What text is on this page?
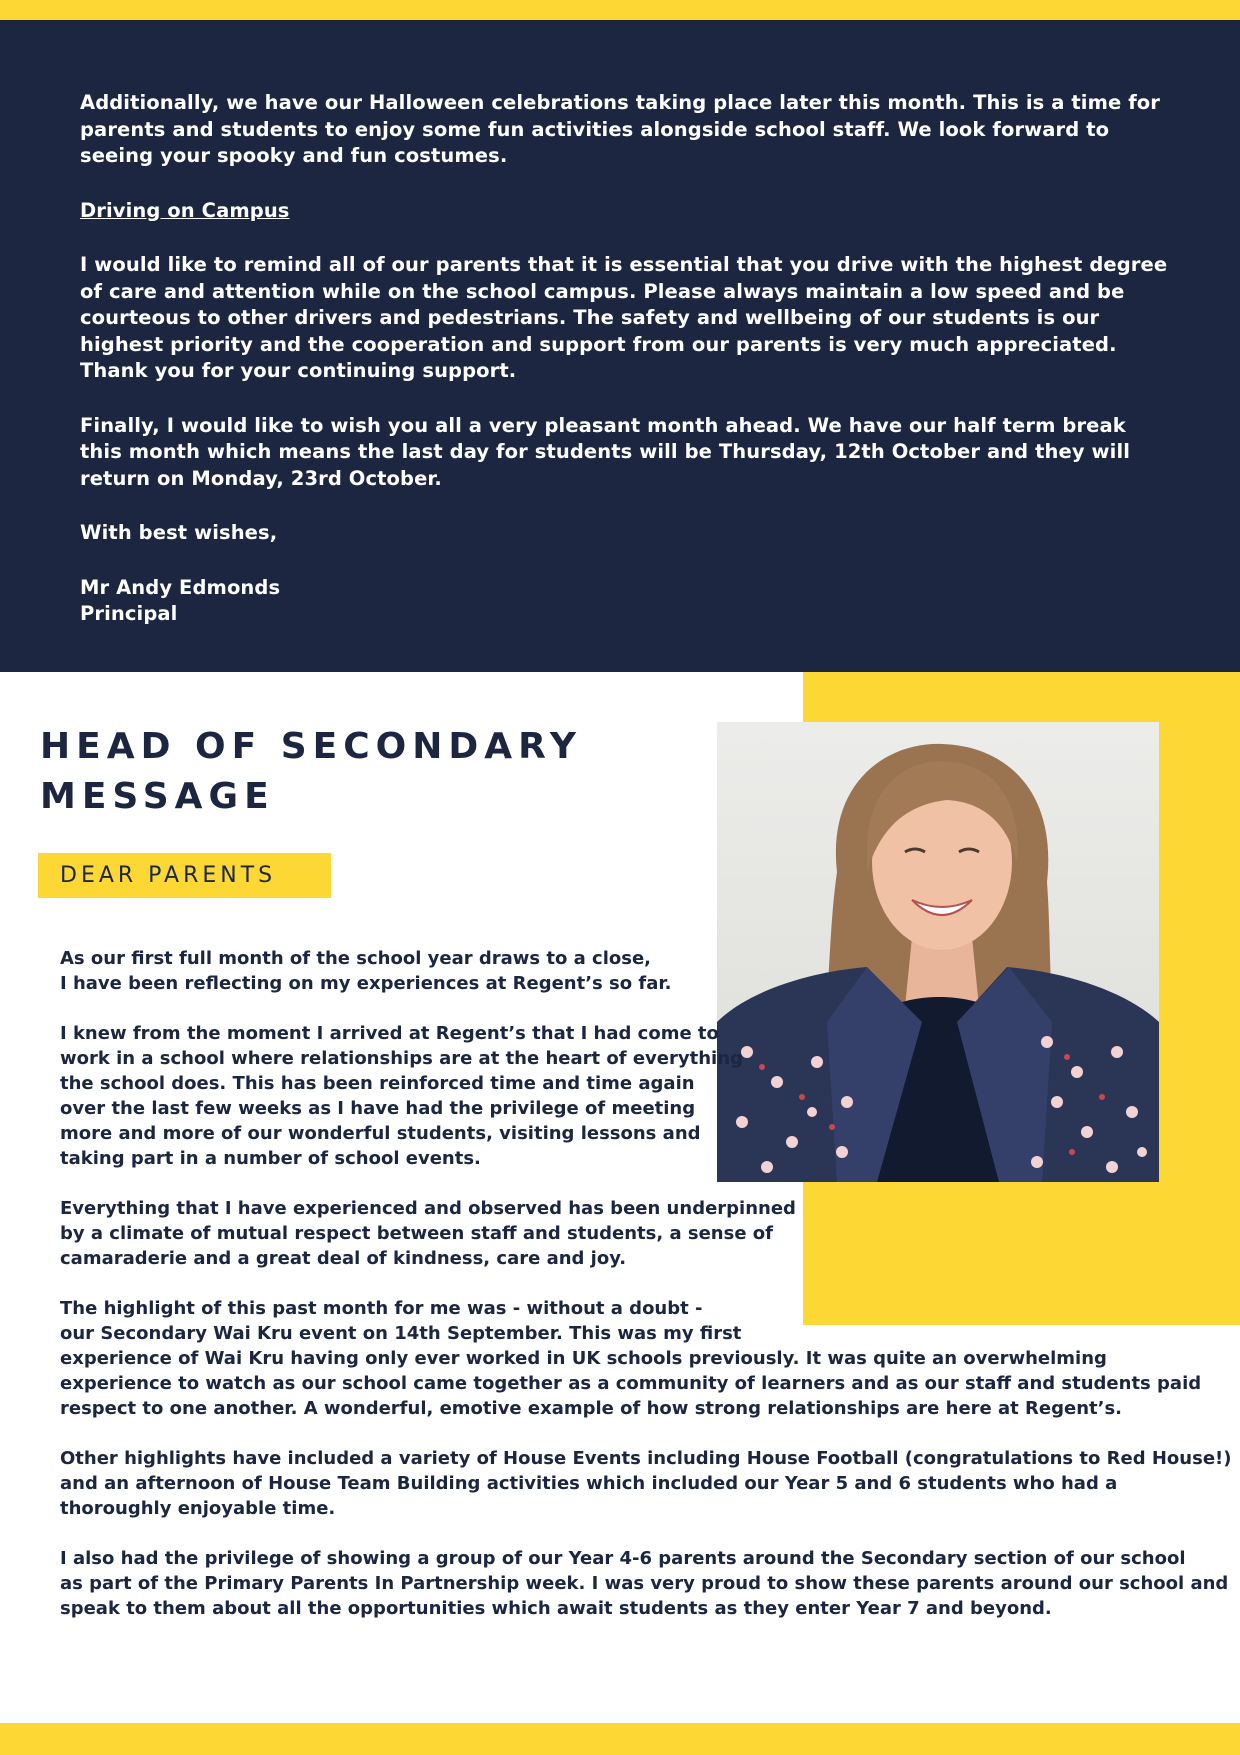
Additionally, we have our Halloween celebrations taking place later this month. This is a time for parents and students to enjoy some fun activities alongside school staff. We look forward to seeing your spooky and fun costumes.

Driving on Campus

I would like to remind all of our parents that it is essential that you drive with the highest degree of care and attention while on the school campus. Please always maintain a low speed and be courteous to other drivers and pedestrians. The safety and wellbeing of our students is our highest priority and the cooperation and support from our parents is very much appreciated. Thank you for your continuing support.

Finally, I would like to wish you all a very pleasant month ahead. We have our half term break this month which means the last day for students will be Thursday, 12th October and they will return on Monday, 23rd October.

With best wishes,

Mr Andy Edmonds

Principal

HEAD OF SECONDARY
MESSAGE
DEAR PARENTS

As our first full month of the school year draws to a close,
I have been reflecting on my experiences at Regent’s so far.

I knew from the moment I arrived at Regent’s that I had come to
work in a school where relationships are at the heart of everything
the school does. This has been reinforced time and time again
over the last few weeks as I have had the privilege of meeting
more and more of our wonderful students, visiting lessons and
taking part in a number of school events.

Everything that I have experienced and observed has been underpinned
by a climate of mutual respect between staff and students, a sense of
camaraderie and a great deal of kindness, care and joy.

The highlight of this past month for me was - without a doubt -
our Secondary Wai Kru event on 14th September. This was my first
experience of Wai Kru having only ever worked in UK schools previously. It was quite an overwhelming
experience to watch as our school came together as a community of learners and as our staff and students paid
respect to one another. A wonderful, emotive example of how strong relationships are here at Regent’s.

Other highlights have included a variety of House Events including House Football (congratulations to Red House!)
and an afternoon of House Team Building activities which included our Year 5 and 6 students who had a
thoroughly enjoyable time.

I also had the privilege of showing a group of our Year 4-6 parents around the Secondary section of our school
as part of the Primary Parents In Partnership week. I was very proud to show these parents around our school and
speak to them about all the opportunities which await students as they enter Year 7 and beyond.
